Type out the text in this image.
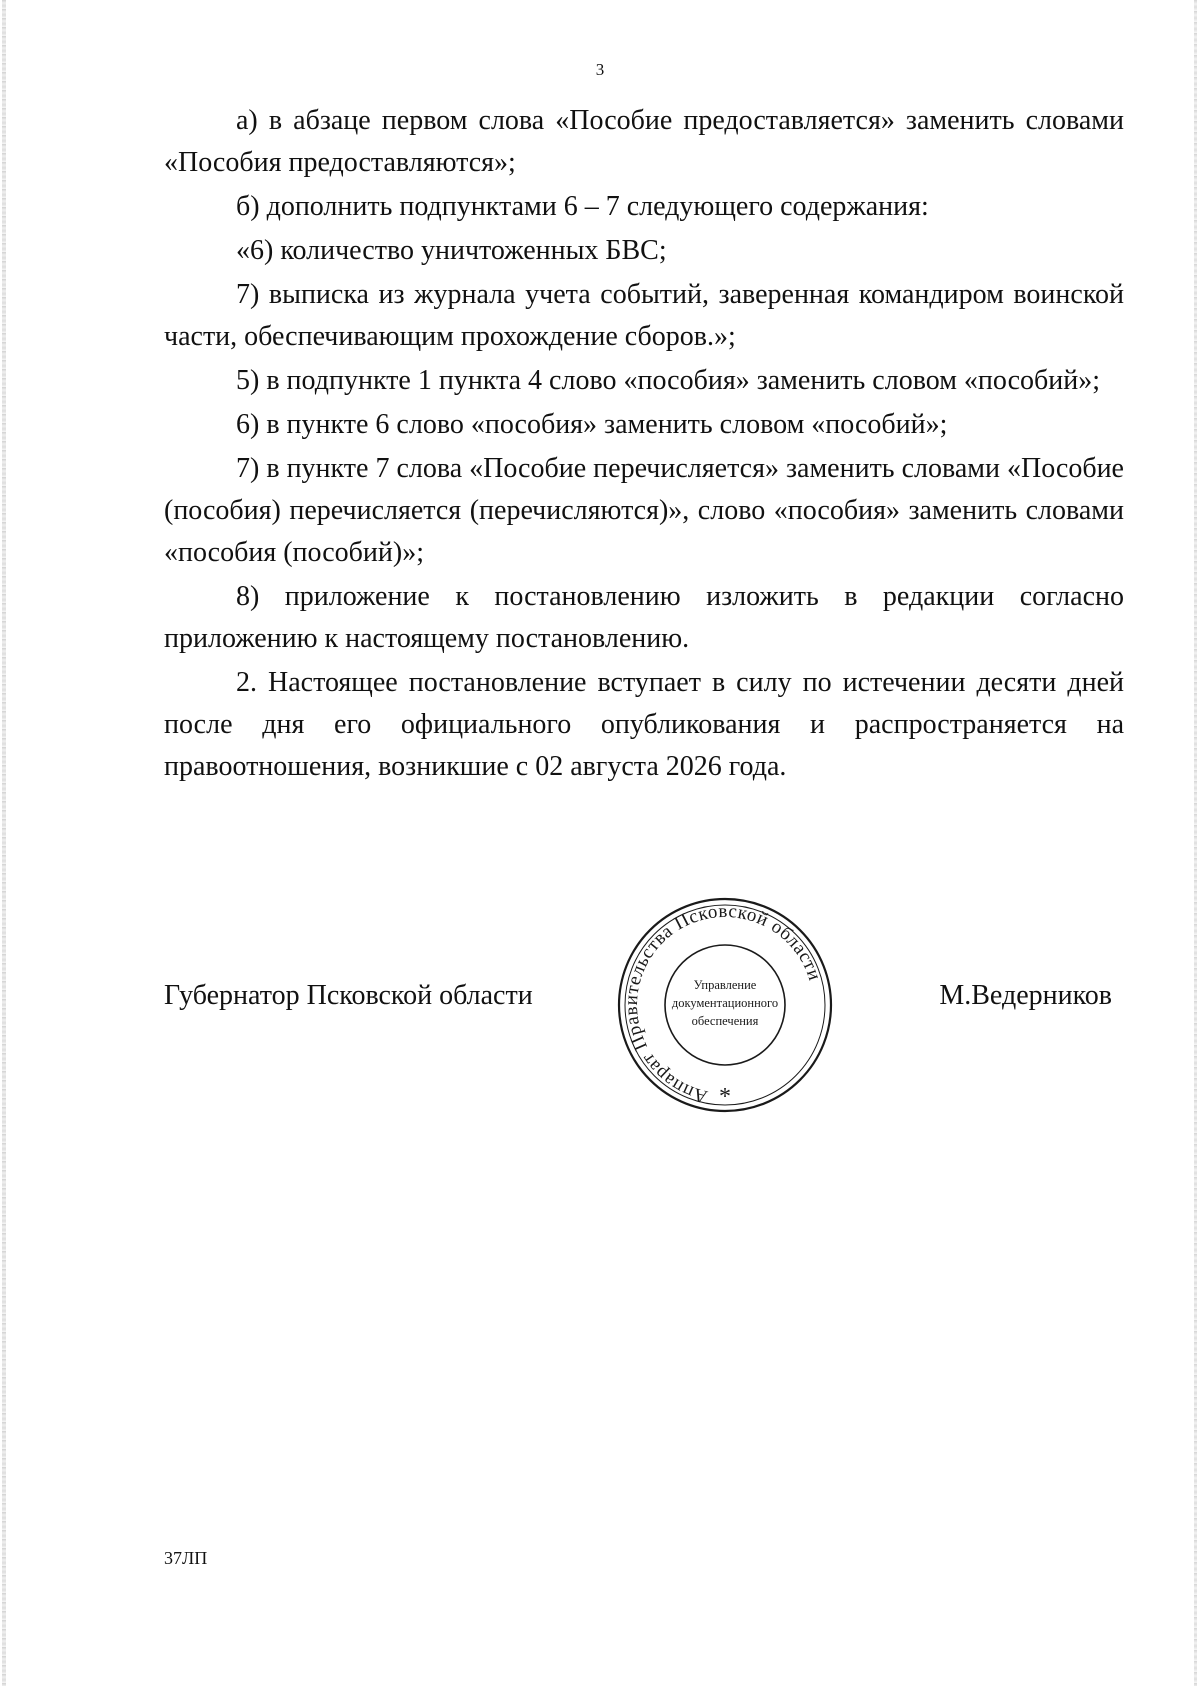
3

а) в абзаце первом слова «Пособие предоставляется» заменить словами «Пособия предоставляются»;

б) дополнить подпунктами 6 – 7 следующего содержания:

«6) количество уничтоженных БВС;

7) выписка из журнала учета событий, заверенная командиром воинской части, обеспечивающим прохождение сборов.»;

5) в подпункте 1 пункта 4 слово «пособия» заменить словом «пособий»;

6) в пункте 6 слово «пособия» заменить словом «пособий»;

7) в пункте 7 слова «Пособие перечисляется» заменить словами «Пособие (пособия) перечисляется (перечисляются)», слово «пособия» заменить словами «пособия (пособий)»;

8) приложение к постановлению изложить в редакции согласно приложению к настоящему постановлению.

2. Настоящее постановление вступает в силу по истечении десяти дней после дня его официального опубликования и распространяется на правоотношения, возникшие с 02 августа 2026 года.

Губернатор Псковской области	М.Ведерников
Аппарат Правительства Псковской области
Управление
документационного
обеспечения
*
37ЛП
